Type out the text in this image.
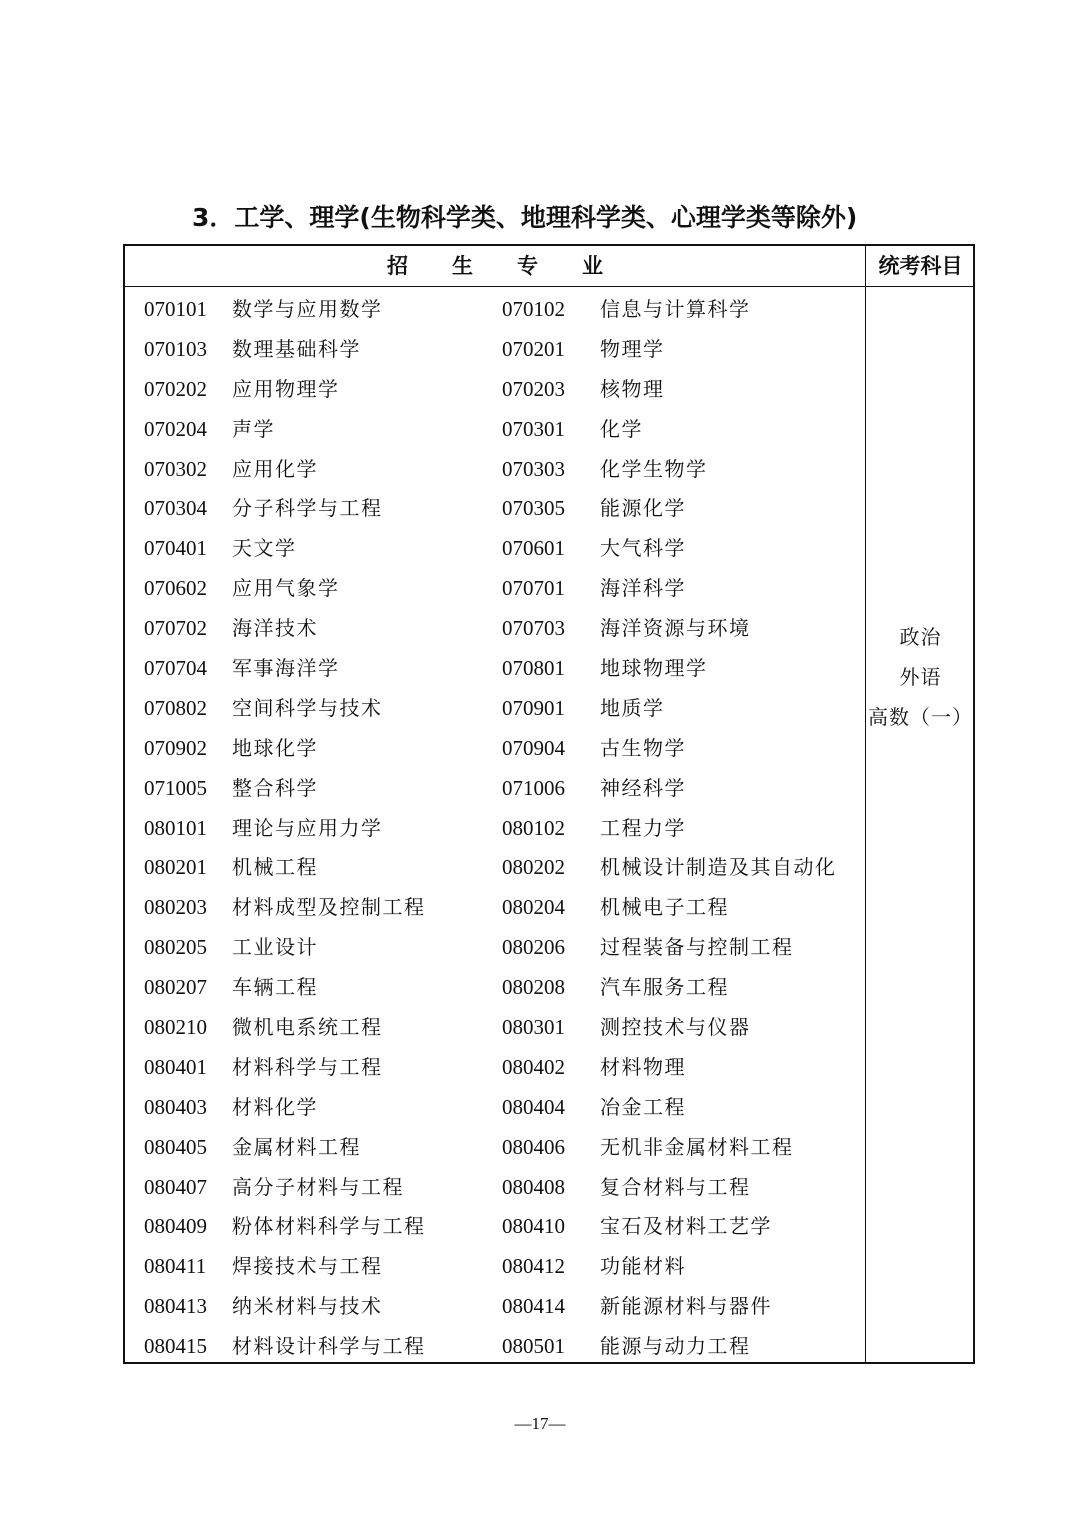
3．工学、理学(生物科学类、地理科学类、心理学类等除外)
招生专业	统考科目
070101 数学与应用数学	070102 信息与计算科学
070103 数理基础科学	070201 物理学
070202 应用物理学	070203 核物理
070204 声学	070301 化学
070302 应用化学	070303 化学生物学
070304 分子科学与工程	070305 能源化学
070401 天文学	070601 大气科学
070602 应用气象学	070701 海洋科学
070702 海洋技术	070703 海洋资源与环境
070704 军事海洋学	070801 地球物理学
070802 空间科学与技术	070901 地质学
070902 地球化学	070904 古生物学
071005 整合科学	071006 神经科学
080101 理论与应用力学	080102 工程力学
080201 机械工程	080202 机械设计制造及其自动化
080203 材料成型及控制工程	080204 机械电子工程
080205 工业设计	080206 过程装备与控制工程
080207 车辆工程	080208 汽车服务工程
080210 微机电系统工程	080301 测控技术与仪器
080401 材料科学与工程	080402 材料物理
080403 材料化学	080404 冶金工程
080405 金属材料工程	080406 无机非金属材料工程
080407 高分子材料与工程	080408 复合材料与工程
080409 粉体材料科学与工程	080410 宝石及材料工艺学
080411 焊接技术与工程	080412 功能材料
080413 纳米材料与技术	080414 新能源材料与器件
080415 材料设计科学与工程	080501 能源与动力工程
政治
外语
高数（一）
—17—
